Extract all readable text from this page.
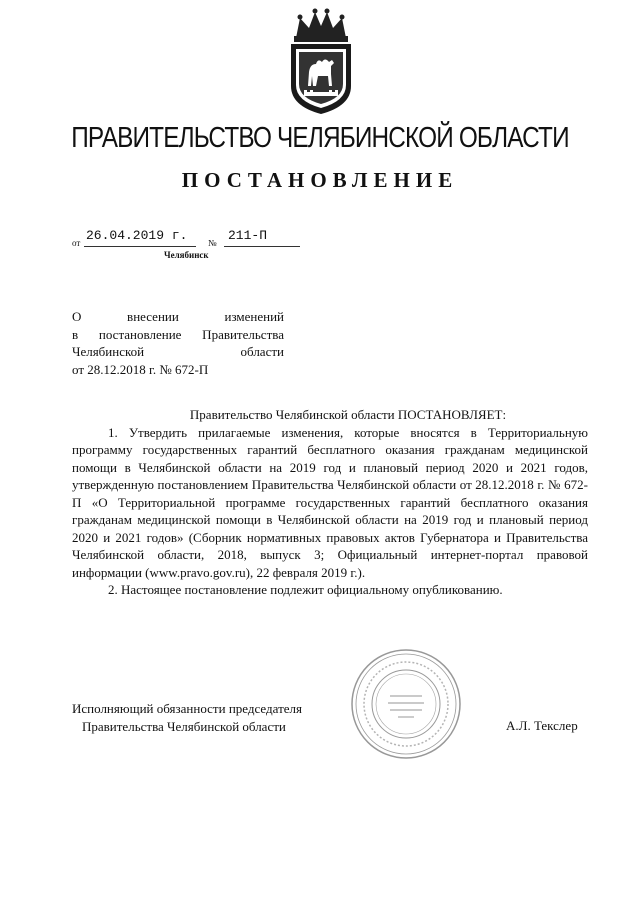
ПРАВИТЕЛЬСТВО ЧЕЛЯБИНСКОЙ ОБЛАСТИ
ПОСТАНОВЛЕНИЕ
от 26.04.2019 г. № 211-П
Челябинск
О внесении изменений
в постановление Правительства
Челябинской области
от 28.12.2018 г. № 672-П
Правительство Челябинской области ПОСТАНОВЛЯЕТ:

1. Утвердить прилагаемые изменения, которые вносятся в Территориальную программу государственных гарантий бесплатного оказания гражданам медицинской помощи в Челябинской области на 2019 год и плановый период 2020 и 2021 годов, утвержденную постановлением Правительства Челябинской области от 28.12.2018 г. № 672-П «О Территориальной программе государственных гарантий бесплатного оказания гражданам медицинской помощи в Челябинской области на 2019 год и плановый период 2020 и 2021 годов» (Сборник нормативных правовых актов Губернатора и Правительства Челябинской области, 2018, выпуск 3; Официальный интернет-портал правовой информации (www.pravo.gov.ru), 22 февраля 2019 г.).

2. Настоящее постановление подлежит официальному опубликованию.

Исполняющий обязанности председателя
Правительства Челябинской области	А.Л. Текслер
